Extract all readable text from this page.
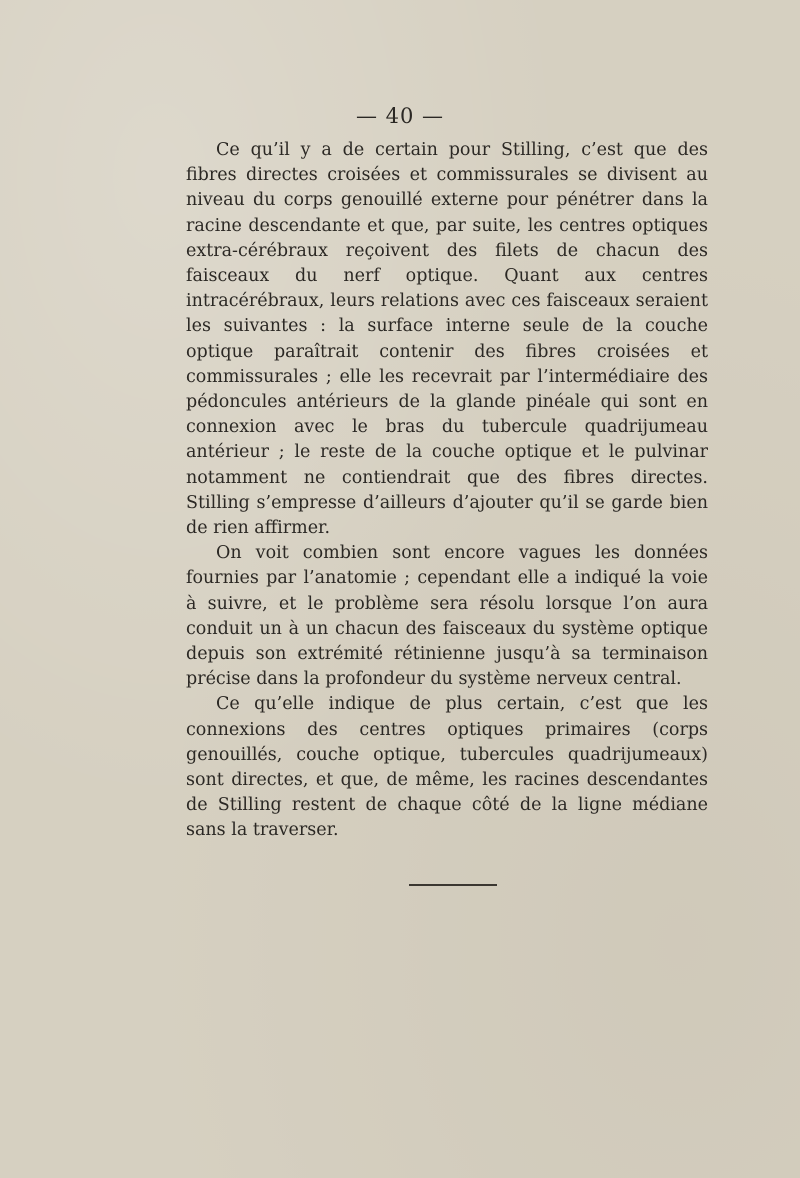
— 40 —

Ce qu’il y a de certain pour Stilling, c’est que des fibres directes croisées et commissurales se divisent au niveau du corps genouillé externe pour pénétrer dans la racine descendante et que, par suite, les centres optiques extra-cérébraux reçoivent des filets de chacun des faisceaux du nerf optique. Quant aux centres intracérébraux, leurs relations avec ces faisceaux seraient les suivantes : la surface interne seule de la couche optique paraîtrait contenir des fibres croisées et commissurales ; elle les recevrait par l’intermédiaire des pédoncules antérieurs de la glande pinéale qui sont en connexion avec le bras du tubercule quadrijumeau antérieur ; le reste de la couche optique et le pulvinar notamment ne contiendrait que des fibres directes. Stilling s’empresse d’ailleurs d’ajouter qu’il se garde bien de rien affirmer.

On voit combien sont encore vagues les données fournies par l’anatomie ; cependant elle a indiqué la voie à suivre, et le problème sera résolu lorsque l’on aura conduit un à un chacun des faisceaux du système optique depuis son extrémité rétinienne jusqu’à sa terminaison précise dans la profondeur du système nerveux central.

Ce qu’elle indique de plus certain, c’est que les connexions des centres optiques primaires (corps genouillés, couche optique, tubercules quadrijumeaux) sont directes, et que, de même, les racines descendantes de Stilling restent de chaque côté de la ligne médiane sans la traverser.
